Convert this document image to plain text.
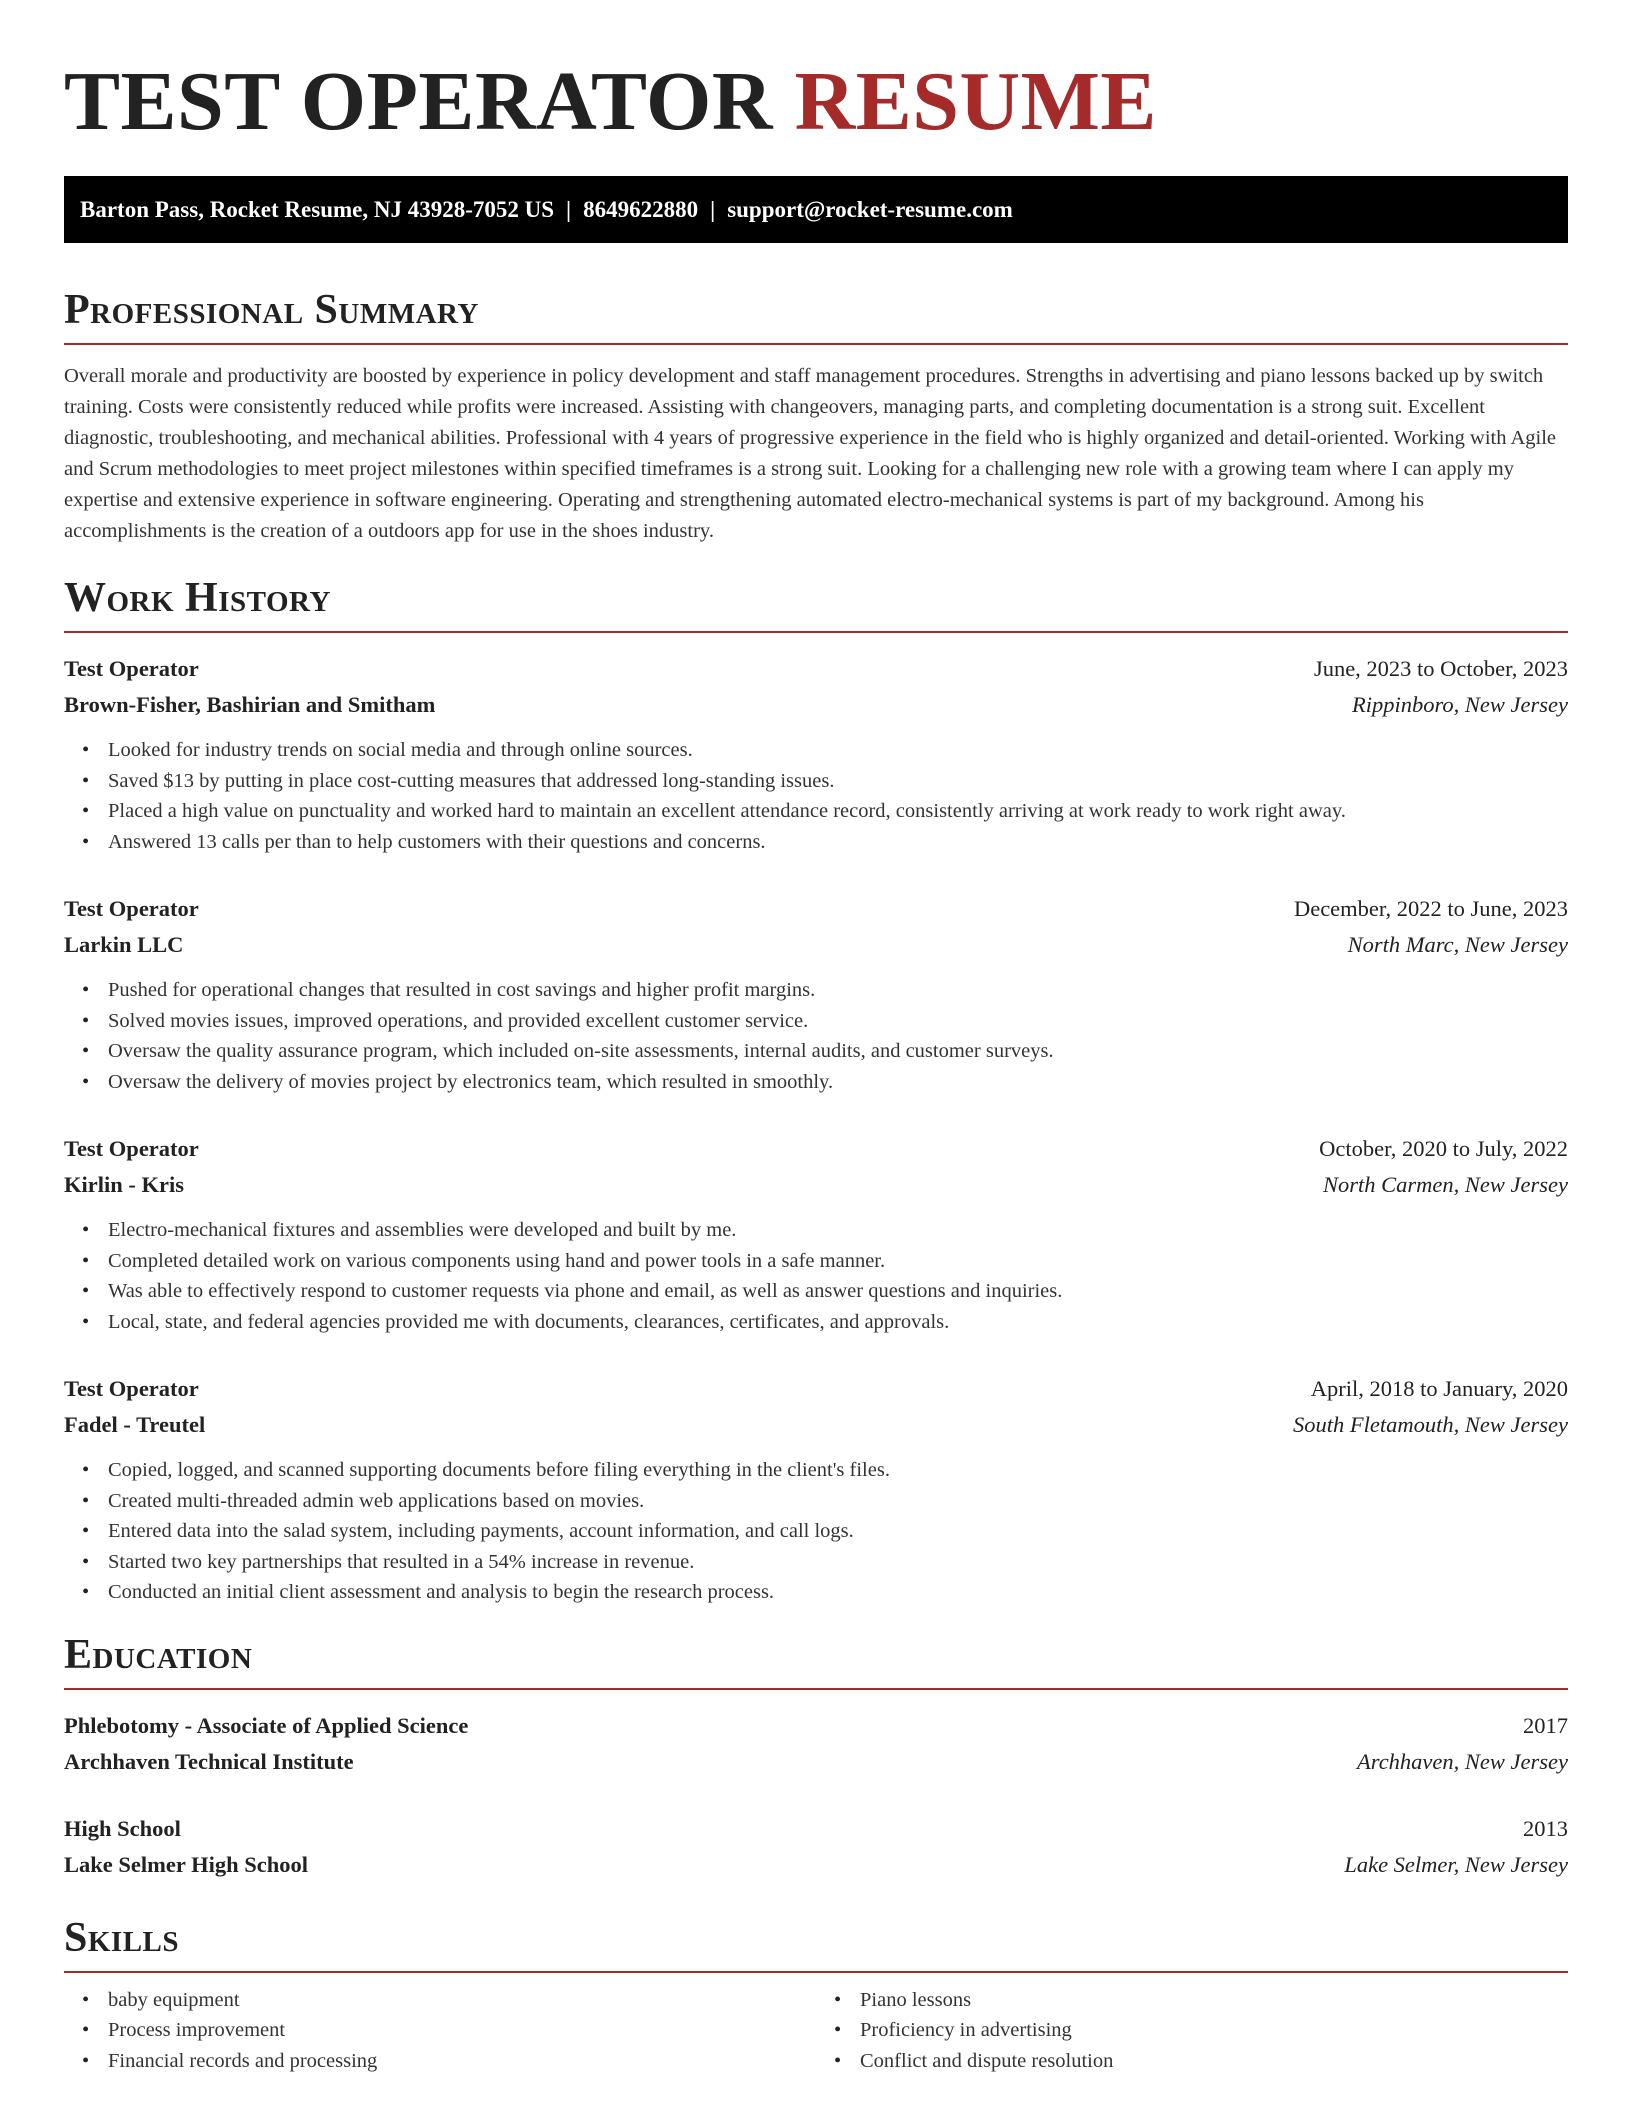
TEST OPERATOR RESUME
Barton Pass, Rocket Resume, NJ 43928-7052 US | 8649622880 | support@rocket-resume.com
Professional Summary

Overall morale and productivity are boosted by experience in policy development and staff management procedures. Strengths in advertising and piano lessons backed up by switch training. Costs were consistently reduced while profits were increased. Assisting with changeovers, managing parts, and completing documentation is a strong suit. Excellent diagnostic, troubleshooting, and mechanical abilities. Professional with 4 years of progressive experience in the field who is highly organized and detail-oriented. Working with Agile and Scrum methodologies to meet project milestones within specified timeframes is a strong suit. Looking for a challenging new role with a growing team where I can apply my expertise and extensive experience in software engineering. Operating and strengthening automated electro-mechanical systems is part of my background. Among his accomplishments is the creation of a outdoors app for use in the shoes industry.

Work History
Test Operator	June, 2023 to October, 2023
Brown-Fisher, Bashirian and Smitham	Rippinboro, New Jersey
• Looked for industry trends on social media and through online sources.
• Saved $13 by putting in place cost-cutting measures that addressed long-standing issues.
• Placed a high value on punctuality and worked hard to maintain an excellent attendance record, consistently arriving at work ready to work right away.
• Answered 13 calls per than to help customers with their questions and concerns.
Test Operator	December, 2022 to June, 2023
Larkin LLC	North Marc, New Jersey
• Pushed for operational changes that resulted in cost savings and higher profit margins.
• Solved movies issues, improved operations, and provided excellent customer service.
• Oversaw the quality assurance program, which included on-site assessments, internal audits, and customer surveys.
• Oversaw the delivery of movies project by electronics team, which resulted in smoothly.
Test Operator	October, 2020 to July, 2022
Kirlin - Kris	North Carmen, New Jersey
• Electro-mechanical fixtures and assemblies were developed and built by me.
• Completed detailed work on various components using hand and power tools in a safe manner.
• Was able to effectively respond to customer requests via phone and email, as well as answer questions and inquiries.
• Local, state, and federal agencies provided me with documents, clearances, certificates, and approvals.
Test Operator	April, 2018 to January, 2020
Fadel - Treutel	South Fletamouth, New Jersey
• Copied, logged, and scanned supporting documents before filing everything in the client's files.
• Created multi-threaded admin web applications based on movies.
• Entered data into the salad system, including payments, account information, and call logs.
• Started two key partnerships that resulted in a 54% increase in revenue.
• Conducted an initial client assessment and analysis to begin the research process.
Education
Phlebotomy - Associate of Applied Science	2017
Archhaven Technical Institute	Archhaven, New Jersey
High School	2013
Lake Selmer High School	Lake Selmer, New Jersey
Skills
• baby equipment
• Process improvement
• Financial records and processing
• Piano lessons
• Proficiency in advertising
• Conflict and dispute resolution
